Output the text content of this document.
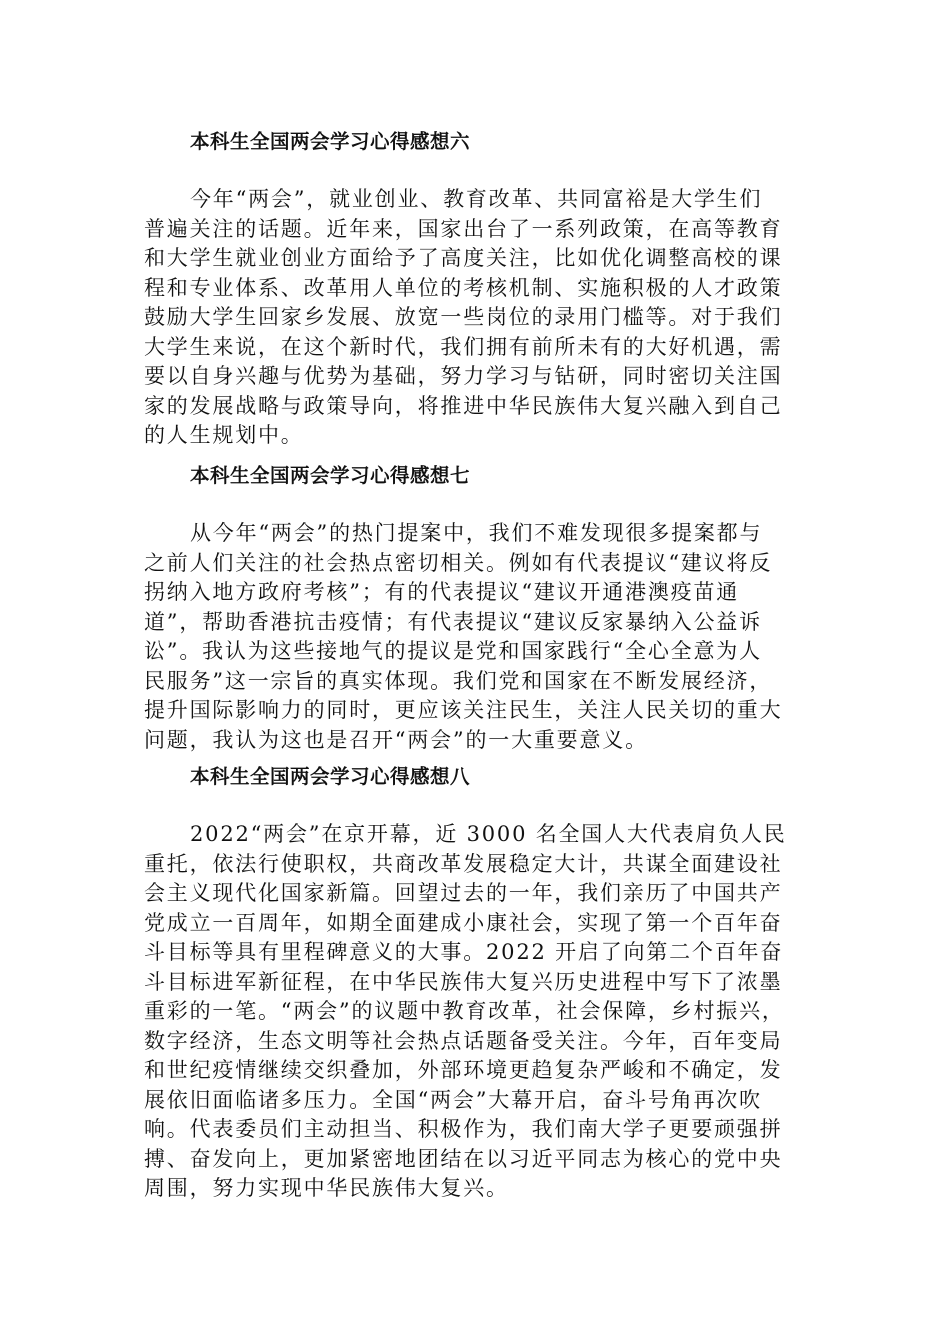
本科生全国两会学习心得感想六
今年“两会”，就业创业、教育改革、共同富裕是大学生们
普遍关注的话题。近年来，国家出台了一系列政策，在高等教育
和大学生就业创业方面给予了高度关注，比如优化调整高校的课
程和专业体系、改革用人单位的考核机制、实施积极的人才政策
鼓励大学生回家乡发展、放宽一些岗位的录用门槛等。对于我们
大学生来说，在这个新时代，我们拥有前所未有的大好机遇，需
要以自身兴趣与优势为基础，努力学习与钻研，同时密切关注国
家的发展战略与政策导向，将推进中华民族伟大复兴融入到自己
的人生规划中。
本科生全国两会学习心得感想七
从今年“两会”的热门提案中，我们不难发现很多提案都与
之前人们关注的社会热点密切相关。例如有代表提议“建议将反
拐纳入地方政府考核”；有的代表提议“建议开通港澳疫苗通
道”，帮助香港抗击疫情；有代表提议“建议反家暴纳入公益诉
讼”。我认为这些接地气的提议是党和国家践行“全心全意为人
民服务”这一宗旨的真实体现。我们党和国家在不断发展经济，
提升国际影响力的同时，更应该关注民生，关注人民关切的重大
问题，我认为这也是召开“两会”的一大重要意义。
本科生全国两会学习心得感想八
2022“两会”在京开幕，近 3000 名全国人大代表肩负人民
重托，依法行使职权，共商改革发展稳定大计，共谋全面建设社
会主义现代化国家新篇。回望过去的一年，我们亲历了中国共产
党成立一百周年，如期全面建成小康社会，实现了第一个百年奋
斗目标等具有里程碑意义的大事。2022 开启了向第二个百年奋
斗目标进军新征程，在中华民族伟大复兴历史进程中写下了浓墨
重彩的一笔。“两会”的议题中教育改革，社会保障，乡村振兴，
数字经济，生态文明等社会热点话题备受关注。今年，百年变局
和世纪疫情继续交织叠加，外部环境更趋复杂严峻和不确定，发
展依旧面临诸多压力。全国“两会”大幕开启，奋斗号角再次吹
响。代表委员们主动担当、积极作为，我们南大学子更要顽强拼
搏、奋发向上，更加紧密地团结在以习近平同志为核心的党中央
周围，努力实现中华民族伟大复兴。
